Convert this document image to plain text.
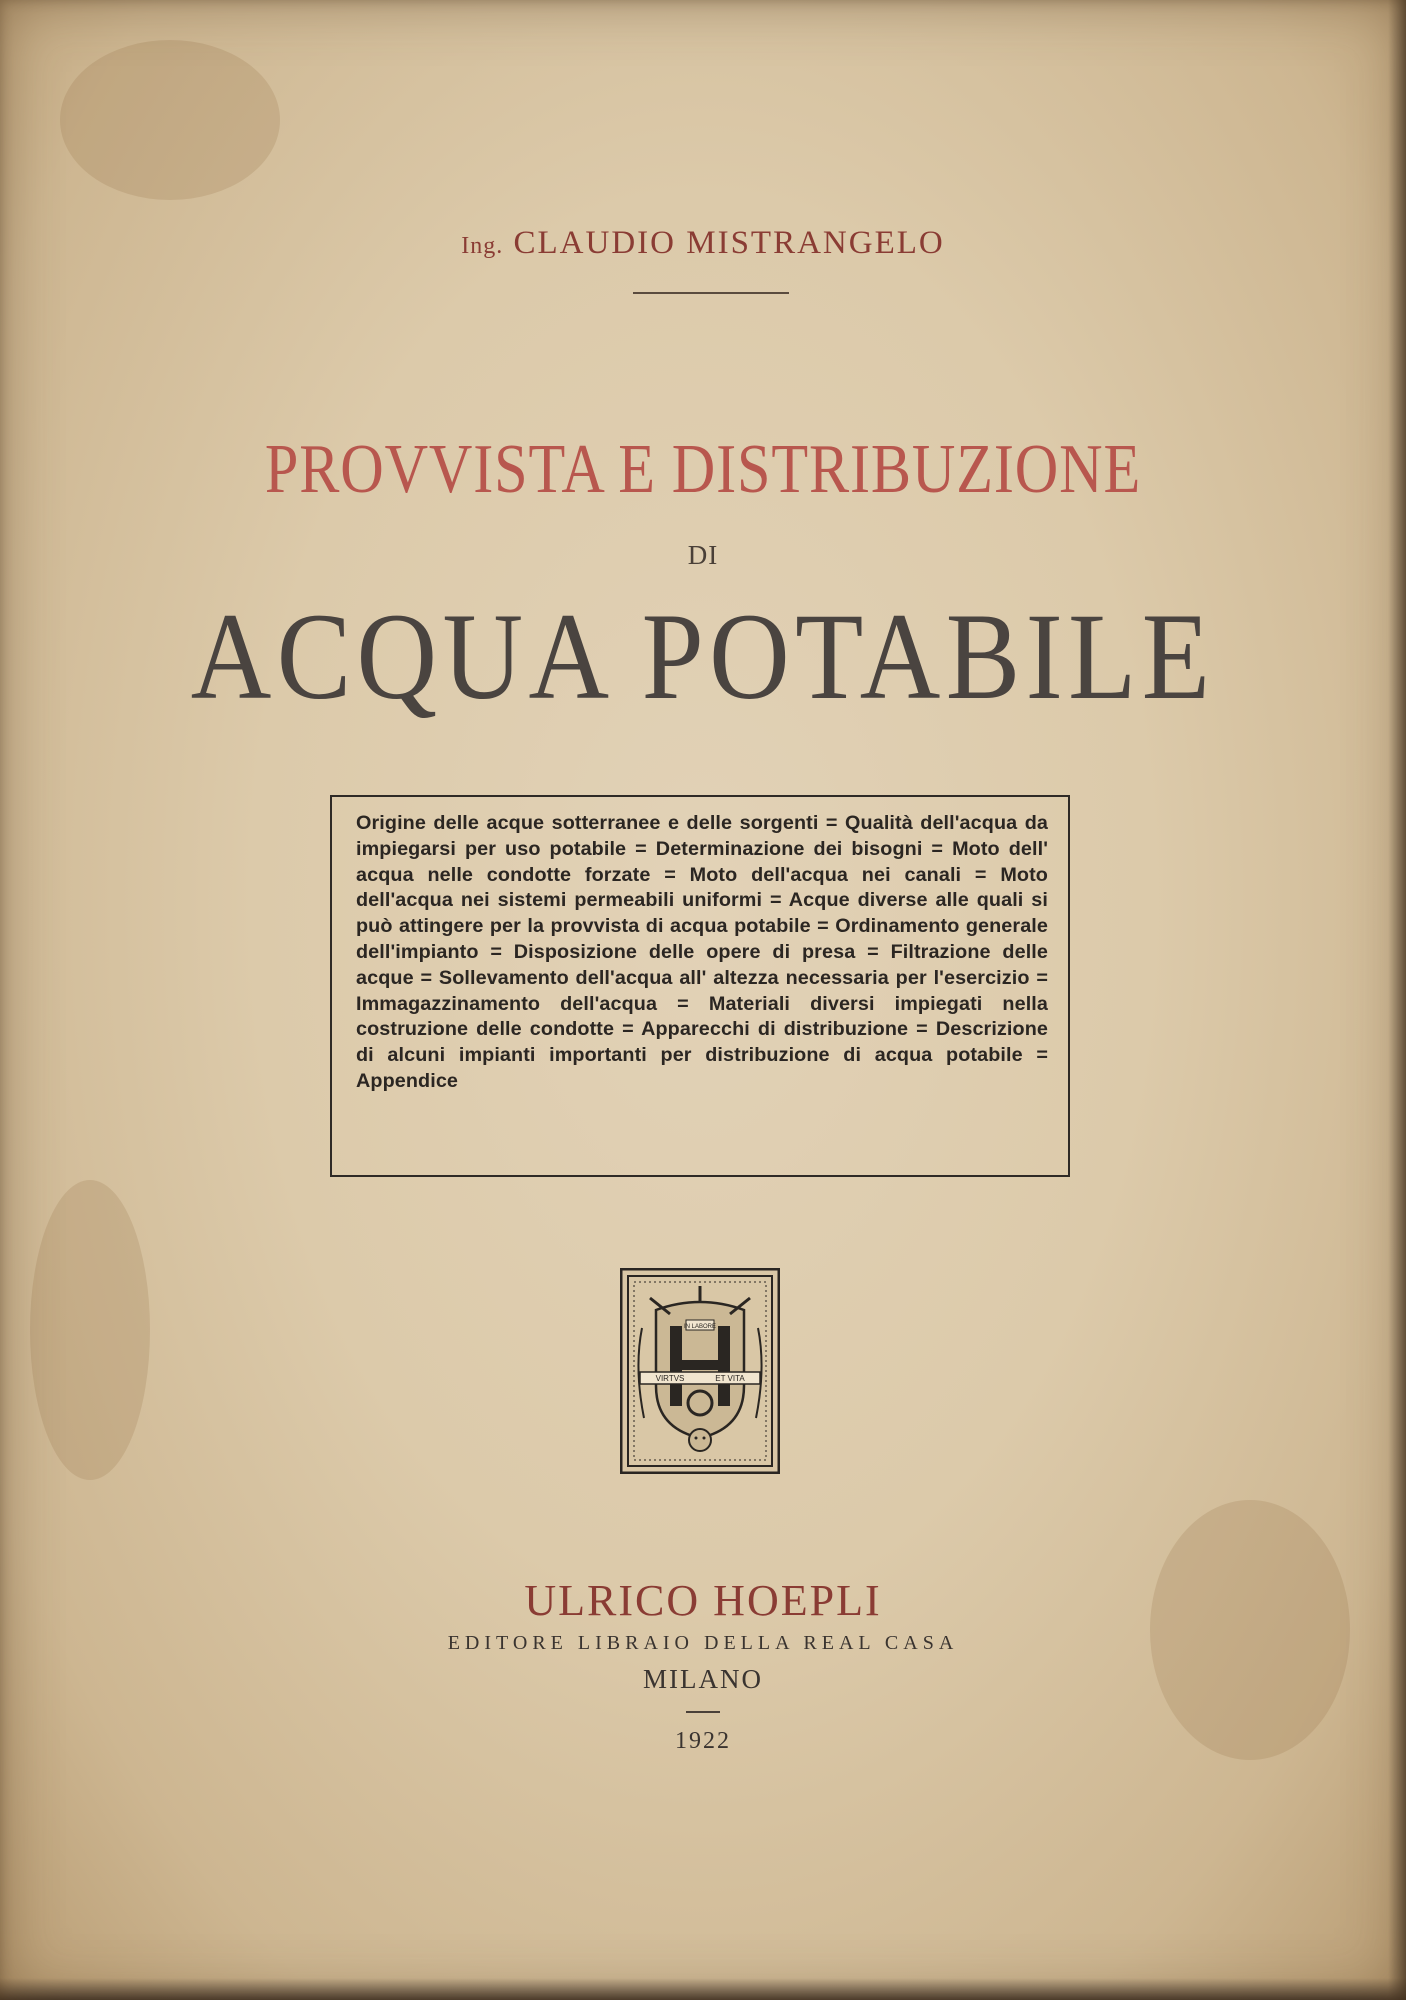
Ing. CLAUDIO MISTRANGELO
PROVVISTA E DISTRIBUZIONE
DI
ACQUA POTABILE

Origine delle acque sotterranee e delle sorgenti = Qualità dell'acqua da impiegarsi per uso potabile = Determinazione dei bisogni = Moto dell' acqua nelle condotte forzate = Moto dell'acqua nei canali = Moto dell'acqua nei sistemi permeabili uniformi = Acque diverse alle quali si può attingere per la provvista di acqua potabile = Ordinamento generale dell'impianto = Disposizione delle opere di presa = Filtrazione delle acque = Sollevamento dell'acqua all' altezza necessaria per l'esercizio = Immagazzinamento dell'acqua = Materiali diversi impiegati nella costruzione delle condotte = Apparecchi di distribuzione = Descrizione di alcuni impianti importanti per distribuzione di acqua potabile = Appendice

IN LABORE
VIRTVS	ET VITA
ULRICO HOEPLI
EDITORE LIBRAIO DELLA REAL CASA
MILANO
1922
